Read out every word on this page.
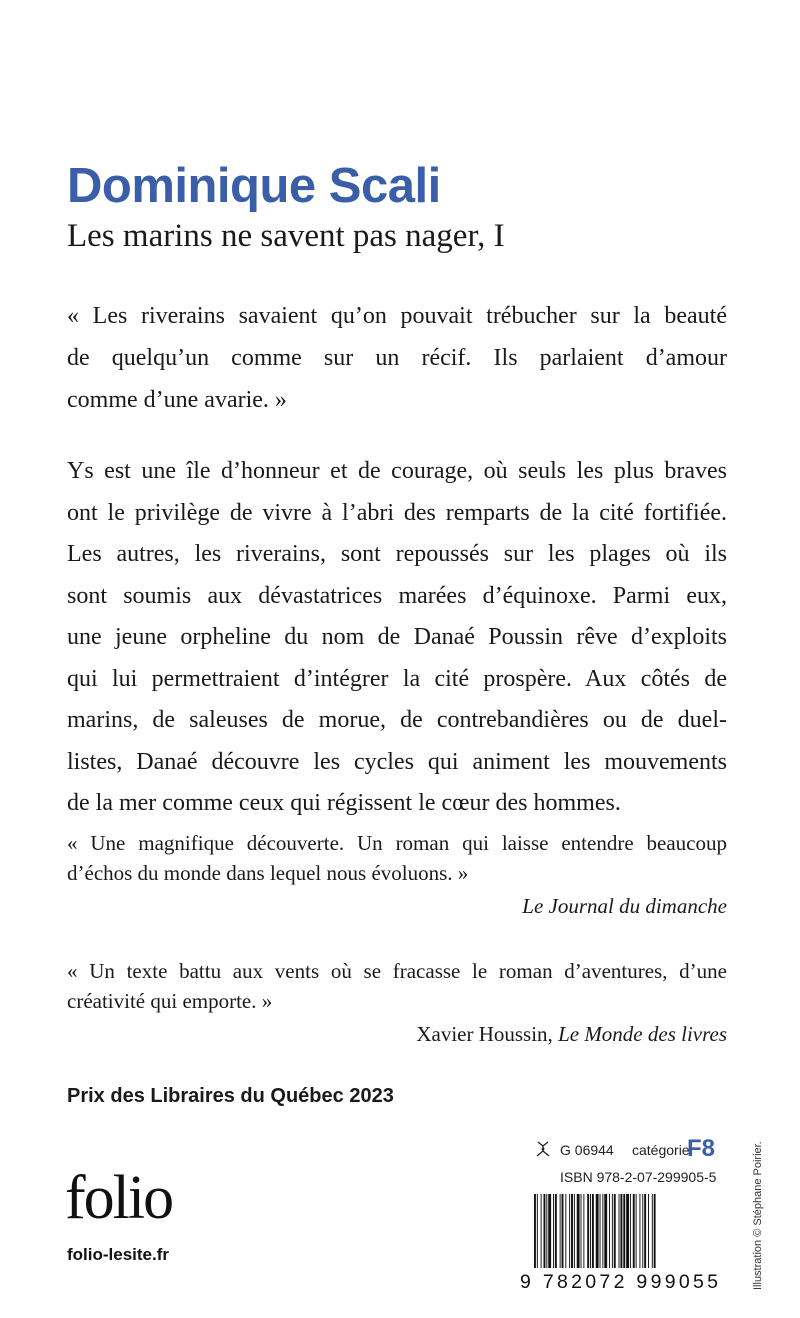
Dominique Scali
Les marins ne savent pas nager, I
« Les riverains savaient qu’on pouvait trébucher sur la beauté
de quelqu’un comme sur un récif. Ils parlaient d’amour
comme d’une avarie. »
Ys est une île d’honneur et de courage, où seuls les plus braves
ont le privilège de vivre à l’abri des remparts de la cité fortifiée.
Les autres, les riverains, sont repoussés sur les plages où ils
sont soumis aux dévastatrices marées d’équinoxe. Parmi eux,
une jeune orpheline du nom de Danaé Poussin rêve d’exploits
qui lui permettraient d’intégrer la cité prospère. Aux côtés de
marins, de saleuses de morue, de contrebandières ou de duel-
listes, Danaé découvre les cycles qui animent les mouvements
de la mer comme ceux qui régissent le cœur des hommes.
« Une magnifique découverte. Un roman qui laisse entendre beaucoup
d’échos du monde dans lequel nous évoluons. »
Le Journal du dimanche
« Un texte battu aux vents où se fracasse le roman d’aventures, d’une
créativité qui emporte. »
Xavier Houssin, Le Monde des livres
Prix des Libraires du Québec 2023
folio
folio-lesite.fr
G 06944 catégorie
F8
ISBN 978-2-07-299905-5
9 782072 999055	Illustration © Stéphane Poirier.
